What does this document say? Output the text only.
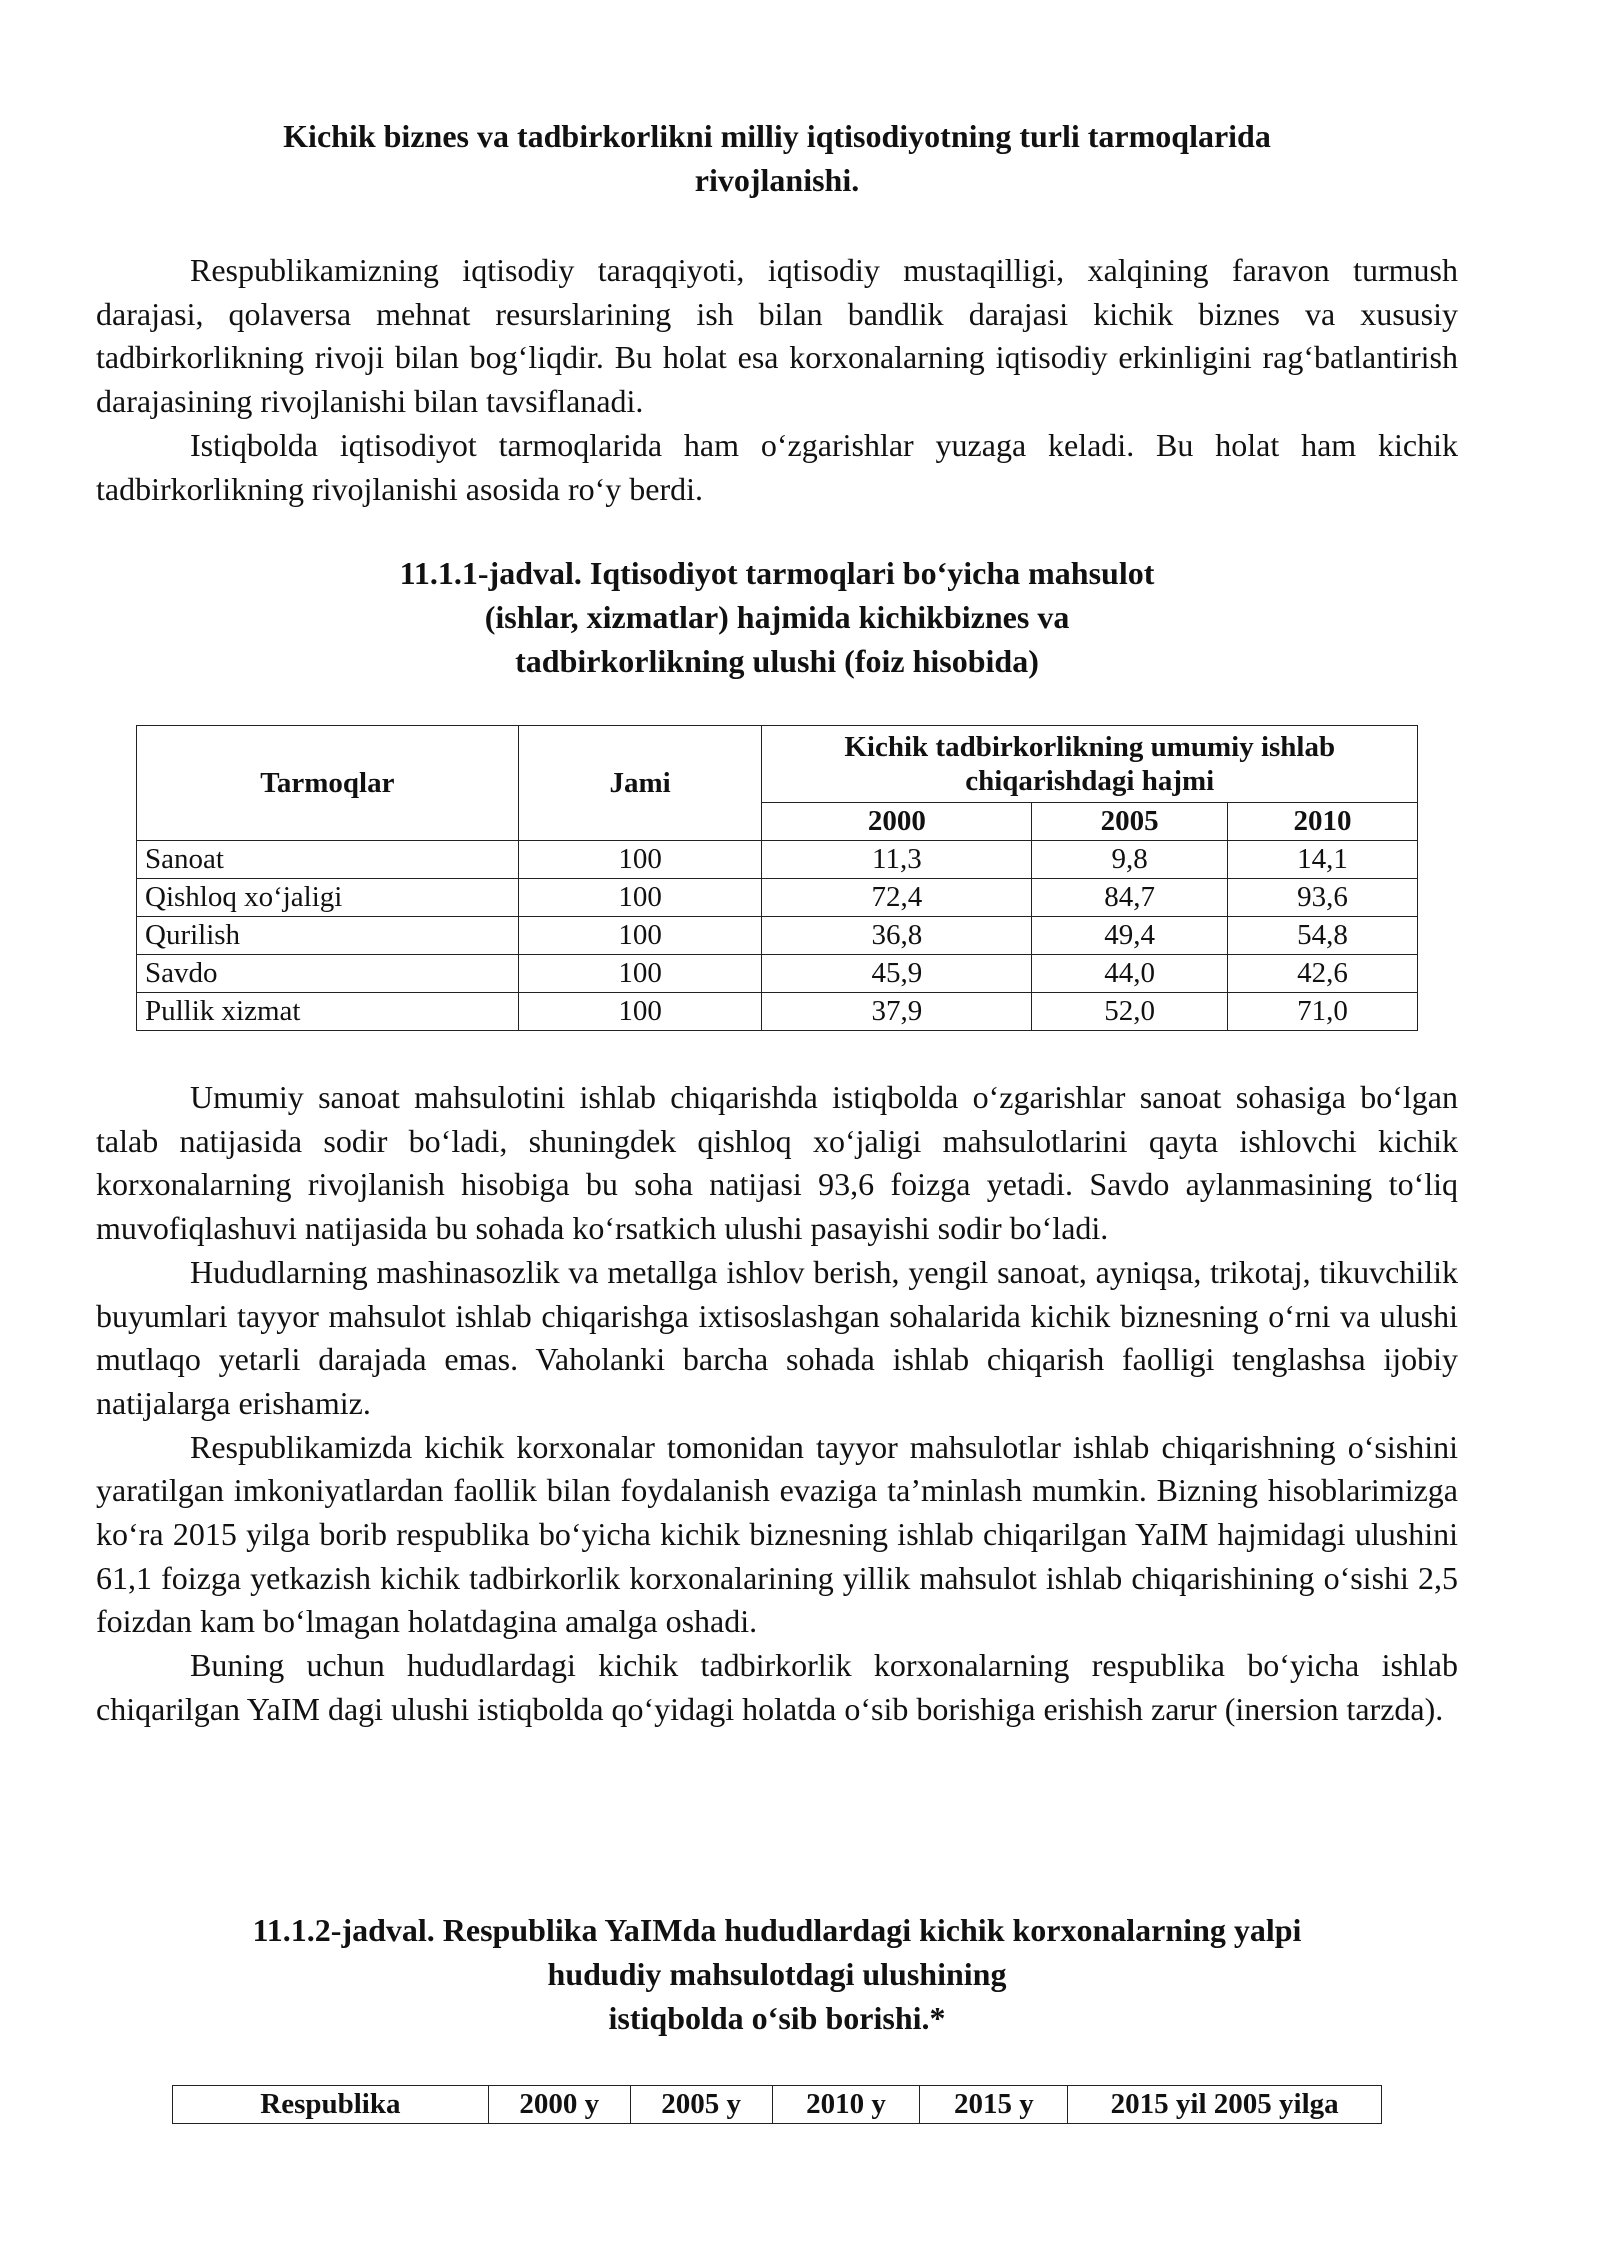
Kichik biznes va tadbirkorlikni milliy iqtisodiyotning turli tarmoqlarida
rivojlanishi.

Respublikamizning iqtisodiy taraqqiyoti, iqtisodiy mustaqilligi, xalqining faravon turmush darajasi, qolaversa mehnat resurslarining ish bilan bandlik darajasi kichik biznes va xususiy tadbirkorlikning rivoji bilan bog‘liqdir. Bu holat esa korxonalarning iqtisodiy erkinligini rag‘batlantirish darajasining rivojlanishi bilan tavsiflanadi.

Istiqbolda iqtisodiyot tarmoqlarida ham o‘zgarishlar yuzaga keladi. Bu holat ham kichik tadbirkorlikning rivojlanishi asosida ro‘y berdi.

11.1.1-jadval. Iqtisodiyot tarmoqlari bo‘yicha mahsulot
(ishlar, xizmatlar) hajmida kichikbiznes va
tadbirkorlikning ulushi (foiz hisobida)
Tarmoqlar	Jami	Kichik tadbirkorlikning umumiy ishlab chiqarishdagi hajmi		
		2000	2005	2010
Sanoat	100	11,3	9,8	14,1
Qishloq xo‘jaligi	100	72,4	84,7	93,6
Qurilish	100	36,8	49,4	54,8
Savdo	100	45,9	44,0	42,6
Pullik xizmat	100	37,9	52,0	71,0

Umumiy sanoat mahsulotini ishlab chiqarishda istiqbolda o‘zgarishlar sanoat sohasiga bo‘lgan talab natijasida sodir bo‘ladi, shuningdek qishloq xo‘jaligi mahsulotlarini qayta ishlovchi kichik korxonalarning rivojlanish hisobiga bu soha natijasi 93,6 foizga yetadi. Savdo aylanmasining to‘liq muvofiqlashuvi natijasida bu sohada ko‘rsatkich ulushi pasayishi sodir bo‘ladi.

Hududlarning mashinasozlik va metallga ishlov berish, yengil sanoat, ayniqsa, trikotaj, tikuvchilik buyumlari tayyor mahsulot ishlab chiqarishga ixtisoslashgan sohalarida kichik biznesning o‘rni va ulushi mutlaqo yetarli darajada emas. Vaholanki barcha sohada ishlab chiqarish faolligi tenglashsa ijobiy natijalarga erishamiz.

Respublikamizda kichik korxonalar tomonidan tayyor mahsulotlar ishlab chiqarishning o‘sishini yaratilgan imkoniyatlardan faollik bilan foydalanish evaziga ta’minlash mumkin. Bizning hisoblarimizga ko‘ra 2015 yilga borib respublika bo‘yicha kichik biznesning ishlab chiqarilgan YaIM hajmidagi ulushini 61,1 foizga yetkazish kichik tadbirkorlik korxonalarining yillik mahsulot ishlab chiqarishining o‘sishi 2,5 foizdan kam bo‘lmagan holatdagina amalga oshadi.

Buning uchun hududlardagi kichik tadbirkorlik korxonalarning respublika bo‘yicha ishlab chiqarilgan YaIM dagi ulushi istiqbolda qo‘yidagi holatda o‘sib borishiga erishish zarur (inersion tarzda).

11.1.2-jadval. Respublika YaIMda hududlardagi kichik korxonalarning yalpi
hududiy mahsulotdagi ulushining
istiqbolda o‘sib borishi.*
Respublika	2000 y	2005 y	2010 y	2015 y	2015 yil 2005 yilga
